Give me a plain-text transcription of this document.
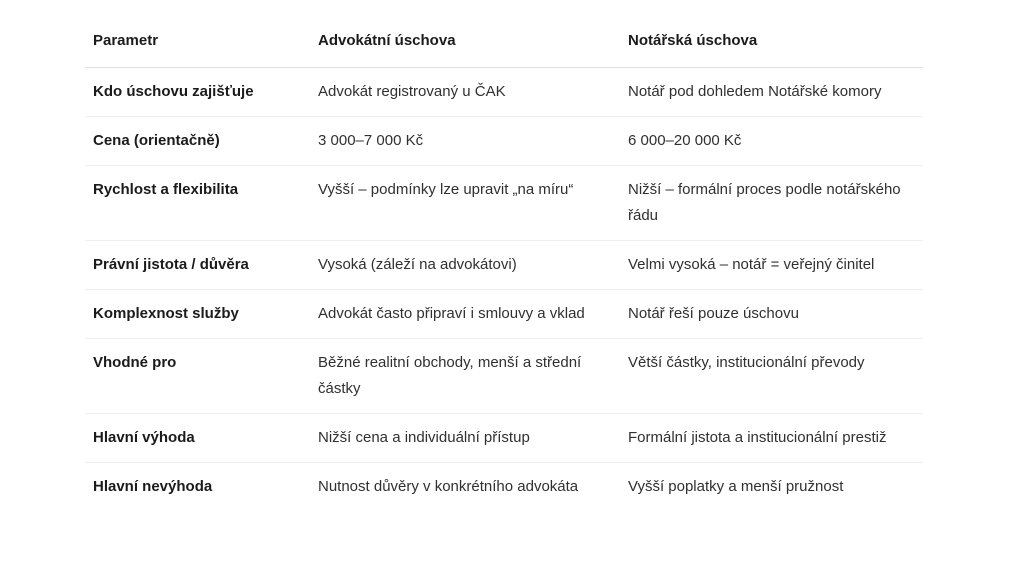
Parametr	Advokátní úschova	Notářská úschova
Kdo úschovu zajišťuje	Advokát registrovaný u ČAK	Notář pod dohledem Notářské komory
Cena (orientačně)	3 000–7 000 Kč	6 000–20 000 Kč
Rychlost a flexibilita	Vyšší – podmínky lze upravit „na míru“	Nižší – formální proces podle notářského řádu
Právní jistota / důvěra	Vysoká (záleží na advokátovi)	Velmi vysoká – notář = veřejný činitel
Komplexnost služby	Advokát často připraví i smlouvy a vklad	Notář řeší pouze úschovu
Vhodné pro	Běžné realitní obchody, menší a střední částky	Větší částky, institucionální převody
Hlavní výhoda	Nižší cena a individuální přístup	Formální jistota a institucionální prestiž
Hlavní nevýhoda	Nutnost důvěry v konkrétního advokáta	Vyšší poplatky a menší pružnost
